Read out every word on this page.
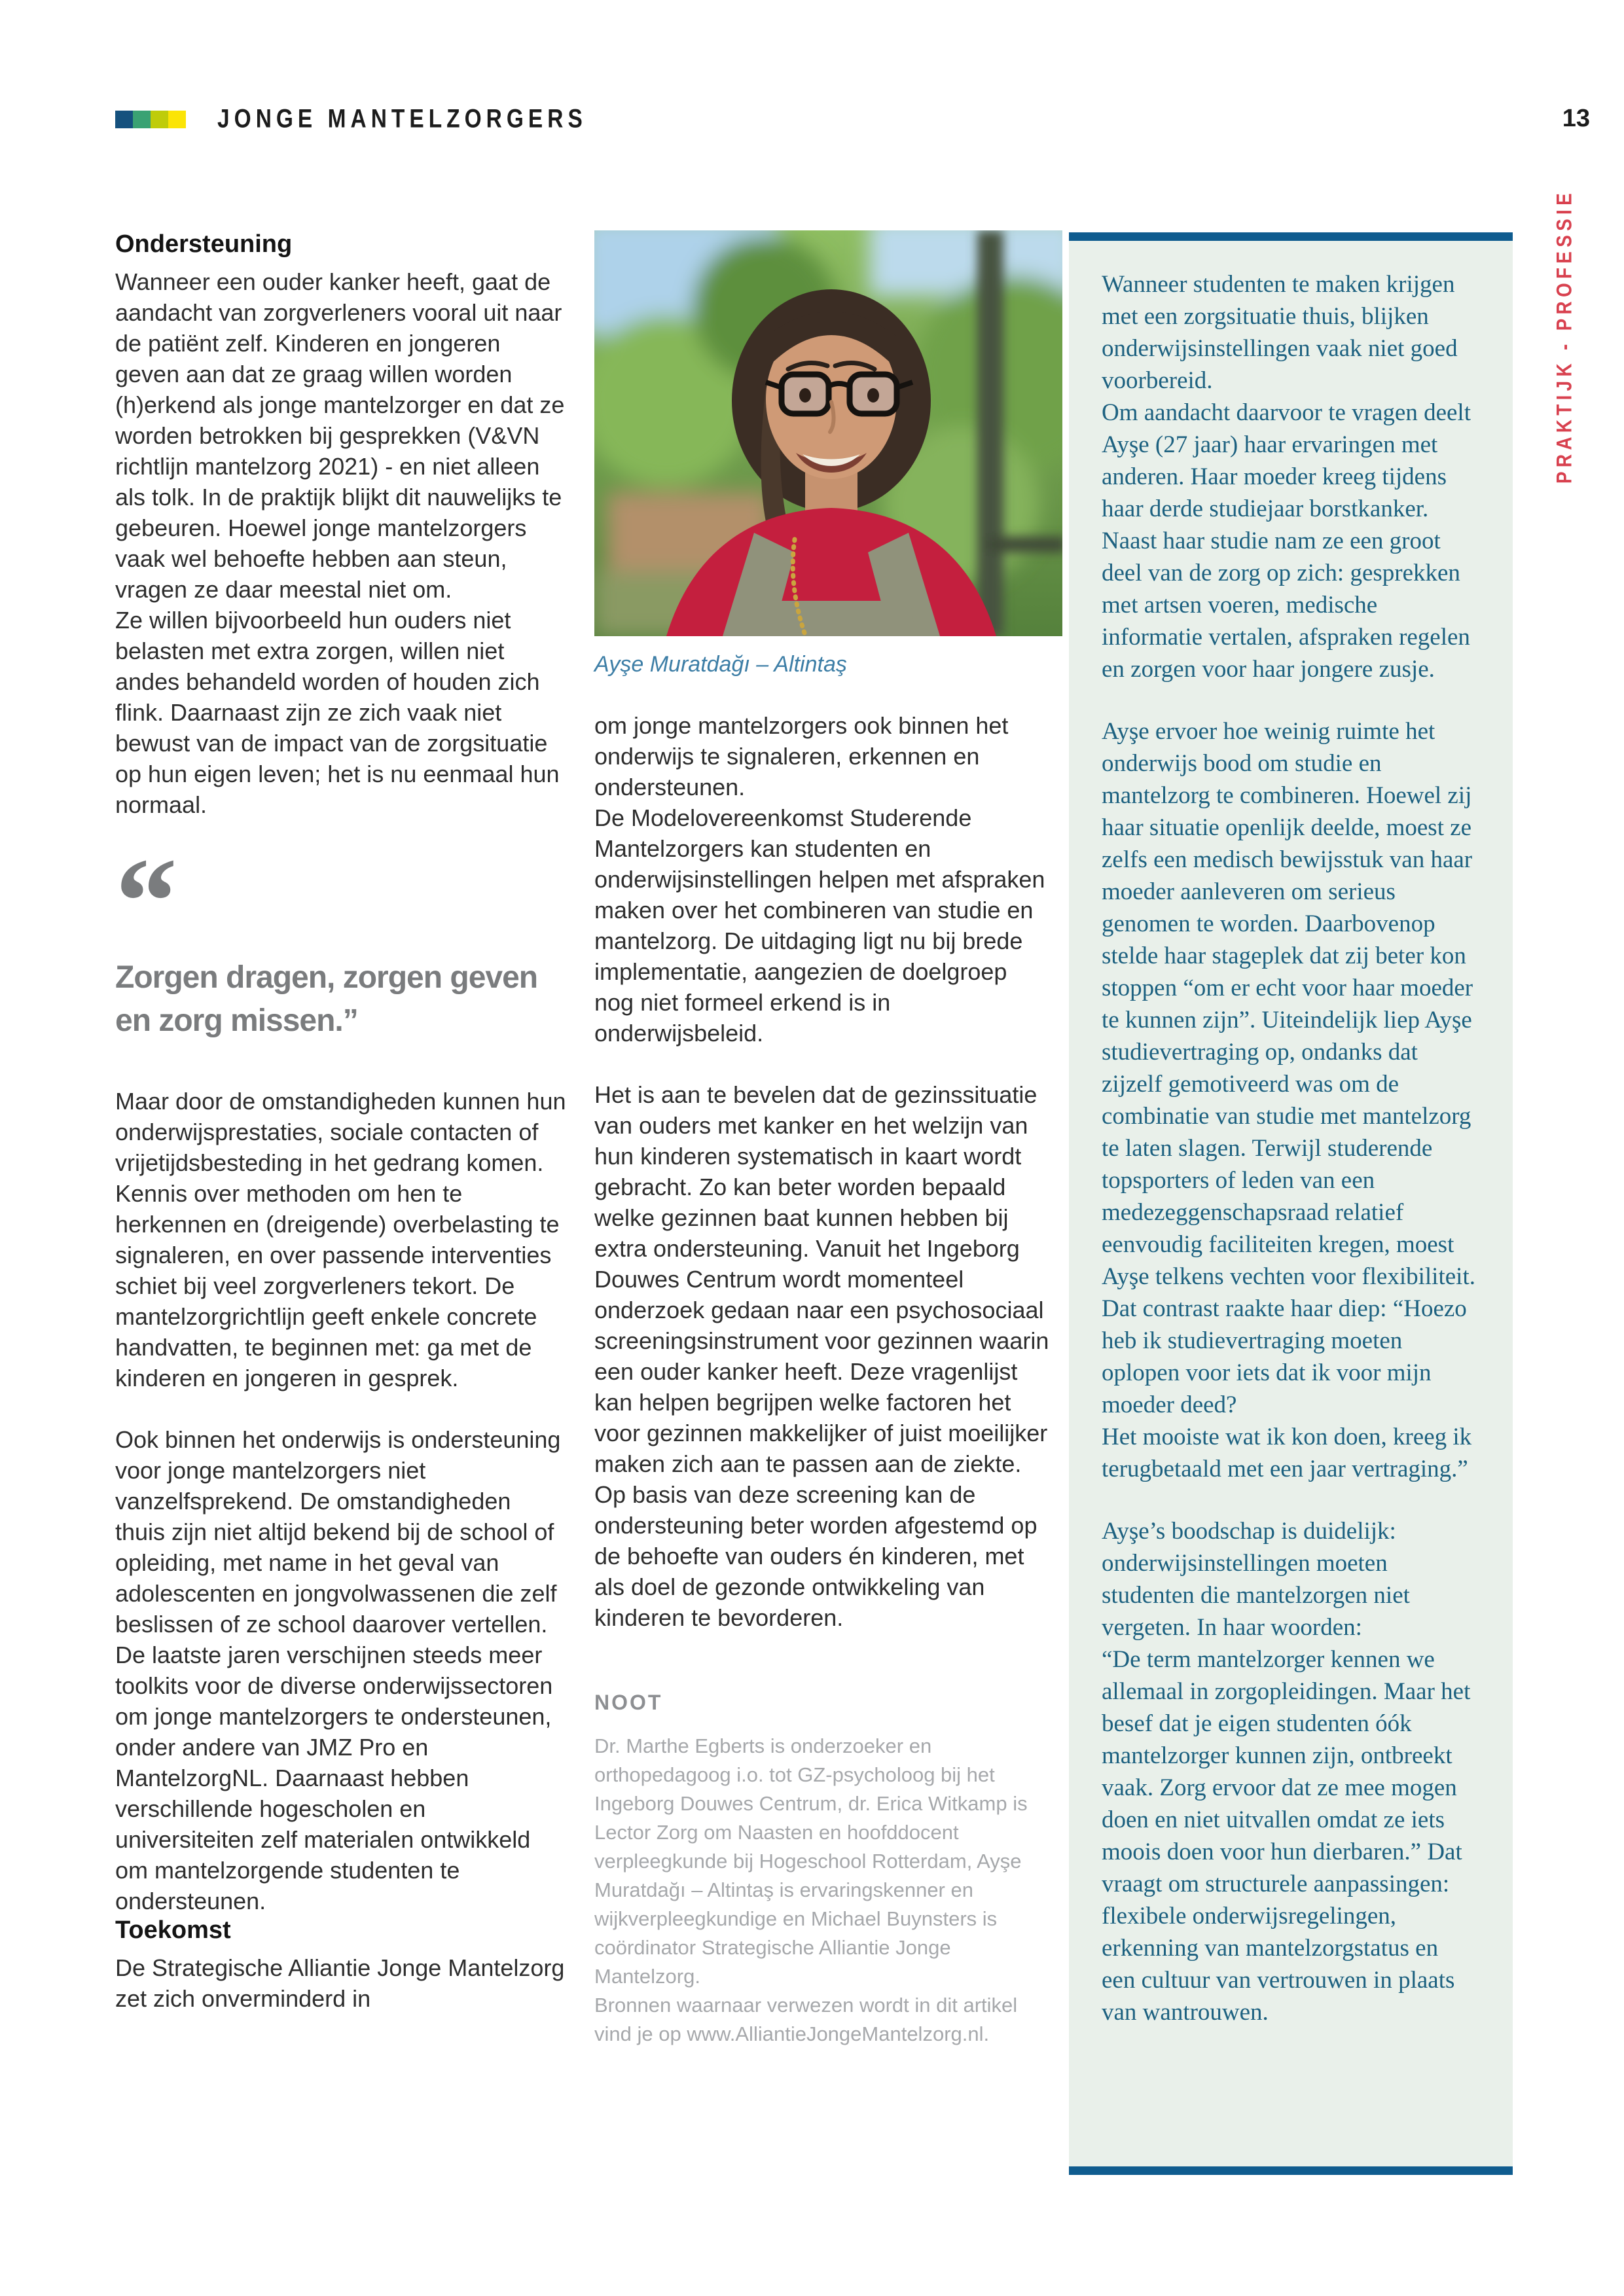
JONGE MANTELZORGERS	13
PRAKTIJK - PROFESSIE
Ondersteuning

Wanneer een ouder kanker heeft, gaat de aandacht van zorgverleners vooral uit naar de patiënt zelf. Kinderen en jongeren geven aan dat ze graag willen worden (h)erkend als jonge mantelzorger en dat ze worden betrokken bij gesprekken (V&VN richtlijn mantelzorg 2021) - en niet alleen als tolk. In de praktijk blijkt dit nauwelijks te gebeuren. Hoewel jonge mantelzorgers vaak wel behoefte hebben aan steun, vragen ze daar meestal niet om.

Ze willen bijvoorbeeld hun ouders niet belasten met extra zorgen, willen niet andes behandeld worden of houden zich flink. Daarnaast zijn ze zich vaak niet bewust van de impact van de zorgsituatie op hun eigen leven; het is nu eenmaal hun normaal.

“
Zorgen dragen, zorgen geven en zorg missen.”

Maar door de omstandigheden kunnen hun onderwijsprestaties, sociale contacten of vrijetijdsbesteding in het gedrang komen. Kennis over methoden om hen te herkennen en (dreigende) overbelasting te signaleren, en over passende interventies schiet bij veel zorgverleners tekort. De mantelzorgrichtlijn geeft enkele concrete handvatten, te beginnen met: ga met de kinderen en jongeren in gesprek.

Ook binnen het onderwijs is ondersteuning voor jonge mantelzorgers niet vanzelfsprekend. De omstandigheden thuis zijn niet altijd bekend bij de school of opleiding, met name in het geval van adolescenten en jongvolwassenen die zelf beslissen of ze school daarover vertellen. De laatste jaren verschijnen steeds meer toolkits voor de diverse onderwijssectoren om jonge mantelzorgers te ondersteunen, onder andere van JMZ Pro en MantelzorgNL. Daarnaast hebben verschillende hogescholen en universiteiten zelf materialen ontwikkeld om mantelzorgende studenten te ondersteunen.

Toekomst

De Strategische Alliantie Jonge Mantelzorg zet zich onverminderd in

Ayşe Muratdağı – Altintaş

om jonge mantelzorgers ook binnen het onderwijs te signaleren, erkennen en ondersteunen.

De Modelovereenkomst Studerende Mantelzorgers kan studenten en onderwijsinstellingen helpen met afspraken maken over het combineren van studie en mantelzorg. De uitdaging ligt nu bij brede implementatie, aangezien de doelgroep nog niet formeel erkend is in onderwijsbeleid.

Het is aan te bevelen dat de gezinssituatie van ouders met kanker en het welzijn van hun kinderen systematisch in kaart wordt gebracht. Zo kan beter worden bepaald welke gezinnen baat kunnen hebben bij extra ondersteuning. Vanuit het Ingeborg Douwes Centrum wordt momenteel onderzoek gedaan naar een psychosociaal screeningsinstrument voor gezinnen waarin een ouder kanker heeft. Deze vragenlijst kan helpen begrijpen welke factoren het voor gezinnen makkelijker of juist moeilijker maken zich aan te passen aan de ziekte.

Op basis van deze screening kan de ondersteuning beter worden afgestemd op de behoefte van ouders én kinderen, met als doel de gezonde ontwikkeling van kinderen te bevorderen.

NOOT

Dr. Marthe Egberts is onderzoeker en orthopedagoog i.o. tot GZ-psycholoog bij het Ingeborg Douwes Centrum, dr. Erica Witkamp is Lector Zorg om Naasten en hoofddocent verpleegkunde bij Hogeschool Rotterdam, Ayşe Muratdağı – Altintaş is ervaringskenner en wijkverpleegkundige en Michael Buynsters is coördinator Strategische Alliantie Jonge Mantelzorg.

Bronnen waarnaar verwezen wordt in dit artikel vind je op www.AlliantieJongeMantelzorg.nl.

Wanneer studenten te maken krijgen met een zorgsituatie thuis, blijken onderwijsinstellingen vaak niet goed voorbereid.

Om aandacht daarvoor te vragen deelt Ayşe (27 jaar) haar ervaringen met anderen. Haar moeder kreeg tijdens haar derde studiejaar borstkanker. Naast haar studie nam ze een groot deel van de zorg op zich: gesprekken met artsen voeren, medische informatie vertalen, afspraken regelen en zorgen voor haar jongere zusje.

Ayşe ervoer hoe weinig ruimte het onderwijs bood om studie en mantelzorg te combineren. Hoewel zij haar situatie openlijk deelde, moest ze zelfs een medisch bewijsstuk van haar moeder aanleveren om serieus genomen te worden. Daarbovenop stelde haar stageplek dat zij beter kon stoppen “om er echt voor haar moeder te kunnen zijn”. Uiteindelijk liep Ayşe studievertraging op, ondanks dat zijzelf gemotiveerd was om de combinatie van studie met mantelzorg te laten slagen. Terwijl studerende topsporters of leden van een medezeggenschapsraad relatief eenvoudig faciliteiten kregen, moest Ayşe telkens vechten voor flexibiliteit. Dat contrast raakte haar diep: “Hoezo heb ik studievertraging moeten oplopen voor iets dat ik voor mijn moeder deed?

Het mooiste wat ik kon doen, kreeg ik terugbetaald met een jaar vertraging.”

Ayşe’s boodschap is duidelijk: onderwijsinstellingen moeten studenten die mantelzorgen niet vergeten. In haar woorden:

“De term mantelzorger kennen we allemaal in zorgopleidingen. Maar het besef dat je eigen studenten óók mantelzorger kunnen zijn, ontbreekt vaak. Zorg ervoor dat ze mee mogen doen en niet uitvallen omdat ze iets moois doen voor hun dierbaren.” Dat vraagt om structurele aanpassingen: flexibele onderwijsregelingen, erkenning van mantelzorgstatus en een cultuur van vertrouwen in plaats van wantrouwen.
